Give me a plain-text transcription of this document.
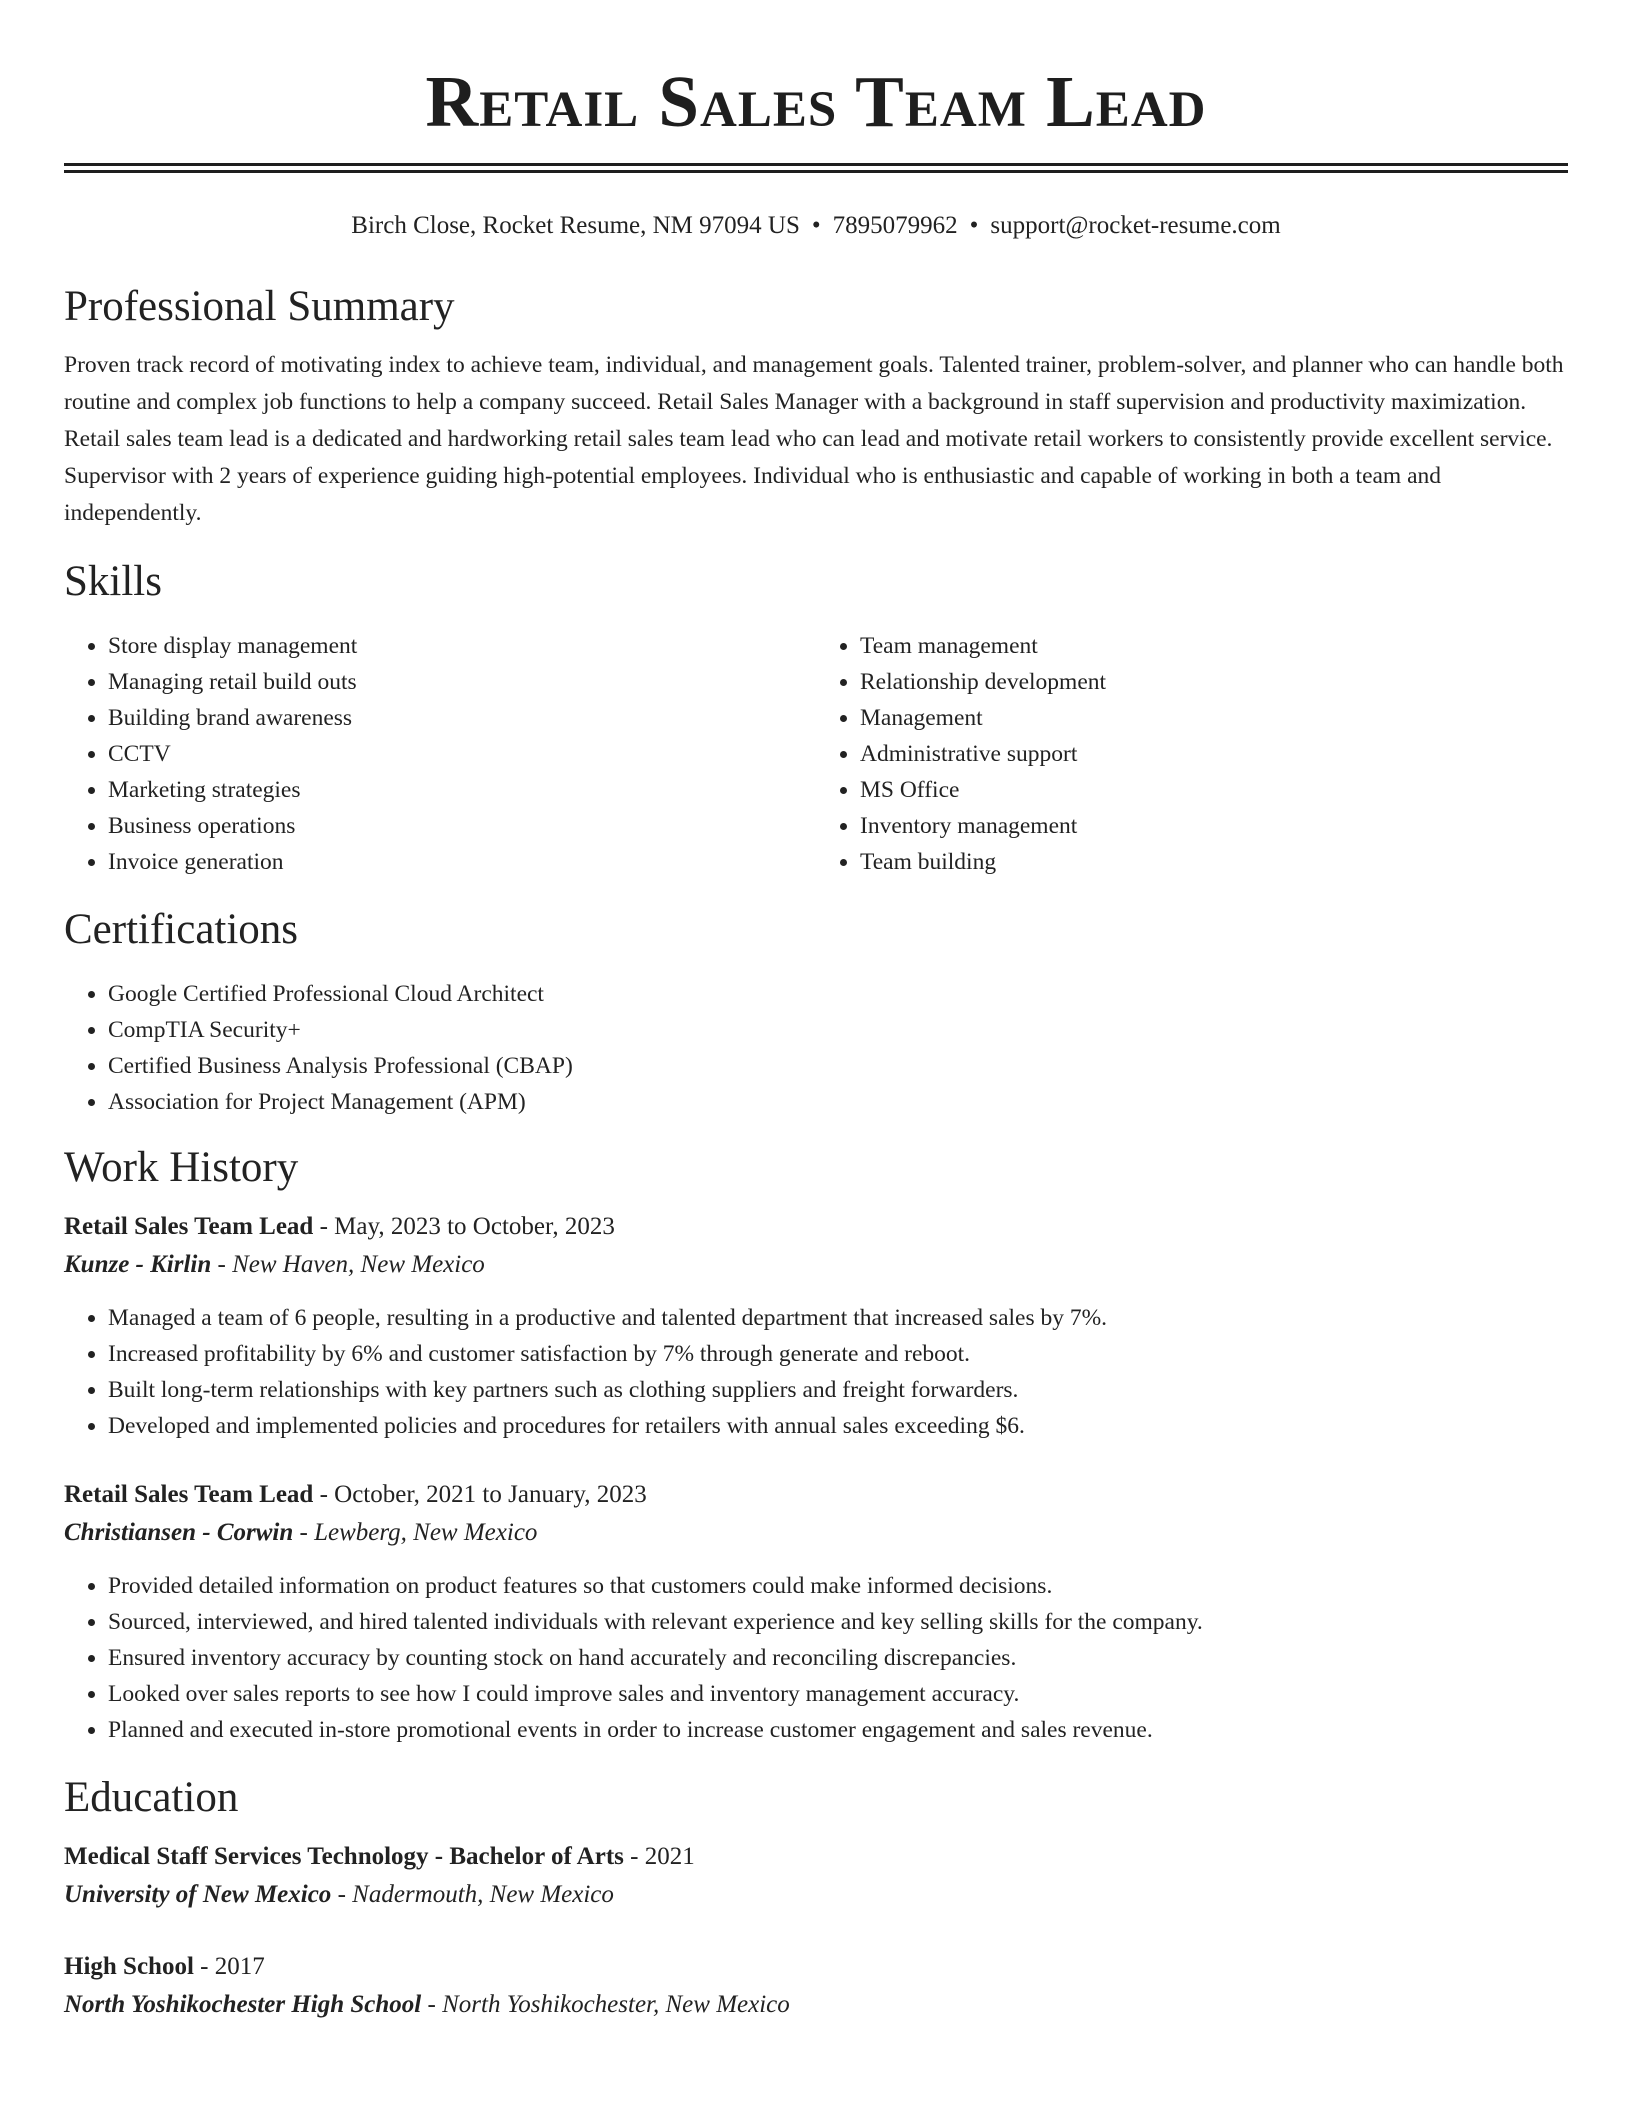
Retail Sales Team Lead
Birch Close, Rocket Resume, NM 97094 US • 7895079962 • support@rocket-resume.com
Professional Summary

Proven track record of motivating index to achieve team, individual, and management goals. Talented trainer, problem-solver, and planner who can handle both routine and complex job functions to help a company succeed. Retail Sales Manager with a background in staff supervision and productivity maximization. Retail sales team lead is a dedicated and hardworking retail sales team lead who can lead and motivate retail workers to consistently provide excellent service. Supervisor with 2 years of experience guiding high-potential employees. Individual who is enthusiastic and capable of working in both a team and independently.

Skills
• Store display management
• Managing retail build outs
• Building brand awareness
• CCTV
• Marketing strategies
• Business operations
• Invoice generation
• Team management
• Relationship development
• Management
• Administrative support
• MS Office
• Inventory management
• Team building
Certifications
• Google Certified Professional Cloud Architect
• CompTIA Security+
• Certified Business Analysis Professional (CBAP)
• Association for Project Management (APM)
Work History
Retail Sales Team Lead - May, 2023 to October, 2023
Kunze - Kirlin - New Haven, New Mexico
• Managed a team of 6 people, resulting in a productive and talented department that increased sales by 7%.
• Increased profitability by 6% and customer satisfaction by 7% through generate and reboot.
• Built long-term relationships with key partners such as clothing suppliers and freight forwarders.
• Developed and implemented policies and procedures for retailers with annual sales exceeding $6.
Retail Sales Team Lead - October, 2021 to January, 2023
Christiansen - Corwin - Lewberg, New Mexico
• Provided detailed information on product features so that customers could make informed decisions.
• Sourced, interviewed, and hired talented individuals with relevant experience and key selling skills for the company.
• Ensured inventory accuracy by counting stock on hand accurately and reconciling discrepancies.
• Looked over sales reports to see how I could improve sales and inventory management accuracy.
• Planned and executed in-store promotional events in order to increase customer engagement and sales revenue.
Education
Medical Staff Services Technology - Bachelor of Arts - 2021
University of New Mexico - Nadermouth, New Mexico
High School - 2017
North Yoshikochester High School - North Yoshikochester, New Mexico
